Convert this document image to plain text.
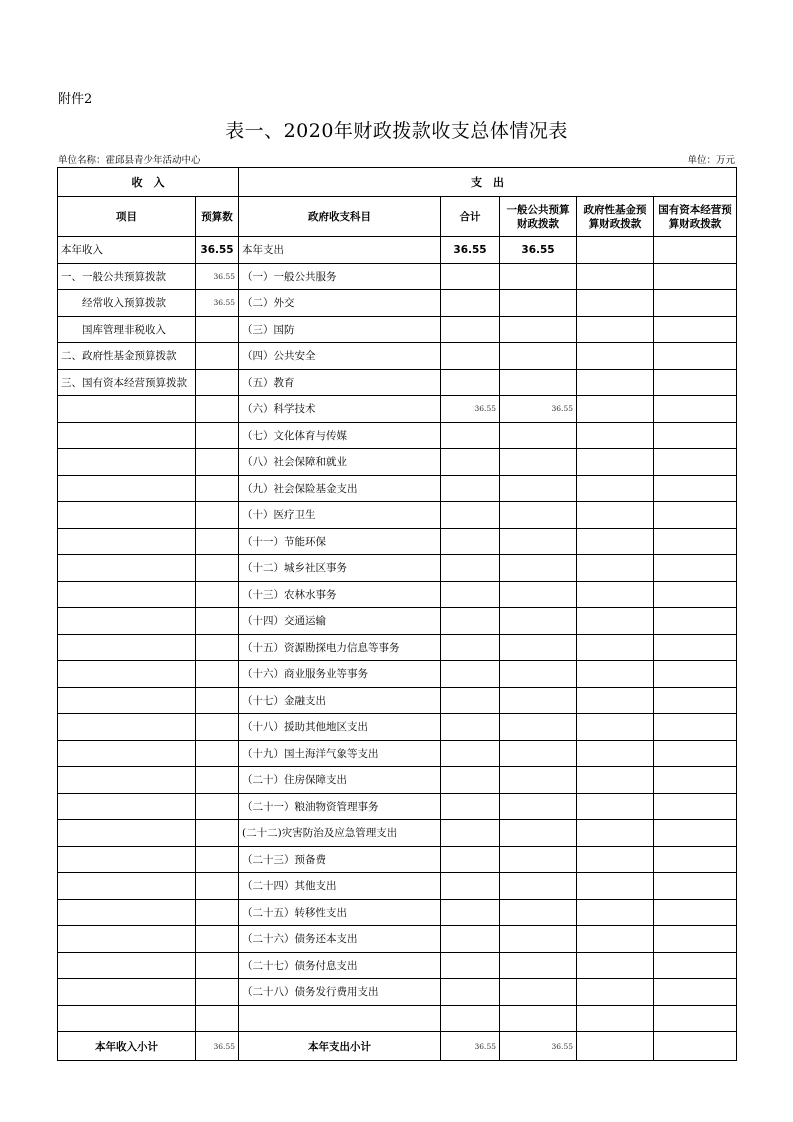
附件2
表一、2020年财政拨款收支总体情况表
单位名称：霍邱县青少年活动中心	单位：万元
收　入		支　出				
项目	预算数	政府收支科目	合计	一般公共预算财政拨款	政府性基金预算财政拨款	国有资本经营预算财政拨款
本年收入	36.55	本年支出	36.55	36.55		
一、一般公共预算拨款	36.55	（一）一般公共服务				
经常收入预算拨款	36.55	（二）外交				
国库管理非税收入		（三）国防				
二、政府性基金预算拨款		（四）公共安全				
三、国有资本经营预算拨款		（五）教育				
		（六）科学技术	36.55	36.55		
		（七）文化体育与传媒				
		（八）社会保障和就业				
		（九）社会保险基金支出				
		（十）医疗卫生				
		（十一）节能环保				
		（十二）城乡社区事务				
		（十三）农林水事务				
		（十四）交通运输				
		（十五）资源勘探电力信息等事务				
		（十六）商业服务业等事务				
		（十七）金融支出				
		（十八）援助其他地区支出				
		（十九）国土海洋气象等支出				
		（二十）住房保障支出				
		（二十一）粮油物资管理事务				
		(二十二)灾害防治及应急管理支出				
		（二十三）预备费				
		（二十四）其他支出				
		（二十五）转移性支出				
		（二十六）债务还本支出				
		（二十七）债务付息支出				
		（二十八）债务发行费用支出				

本年收入小计	36.55	本年支出小计	36.55	36.55		
